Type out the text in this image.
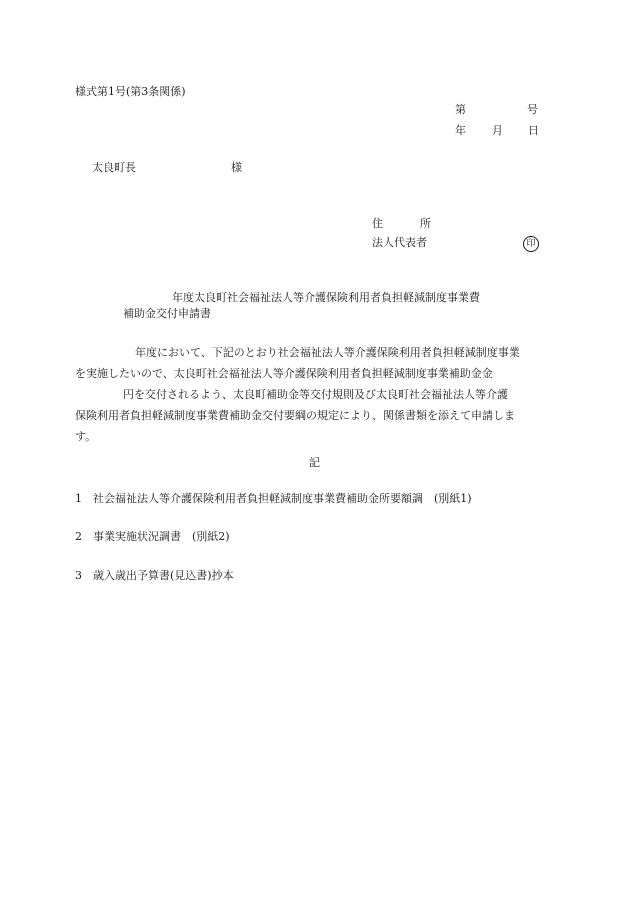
様式第1号(第3条関係)
第	号
年 月 日
太良町長	様
住	所
法人代表者	印
年度太良町社会福祉法人等介護保険利用者負担軽減制度事業費
補助金交付申請書

年度において、下記のとおり社会福祉法人等介護保険利用者負担軽減制度事業

を実施したいので、太良町社会福祉法人等介護保険利用者負担軽減制度事業補助金金

円を交付されるよう、太良町補助金等交付規則及び太良町社会福祉法人等介護

保険利用者負担軽減制度事業費補助金交付要綱の規定により、関係書類を添えて申請しま

す。

記
1 社会福祉法人等介護保険利用者負担軽減制度事業費補助金所要額調　(別紙1)
2 事業実施状況調書　(別紙2)
3 歳入歳出予算書(見込書)抄本
